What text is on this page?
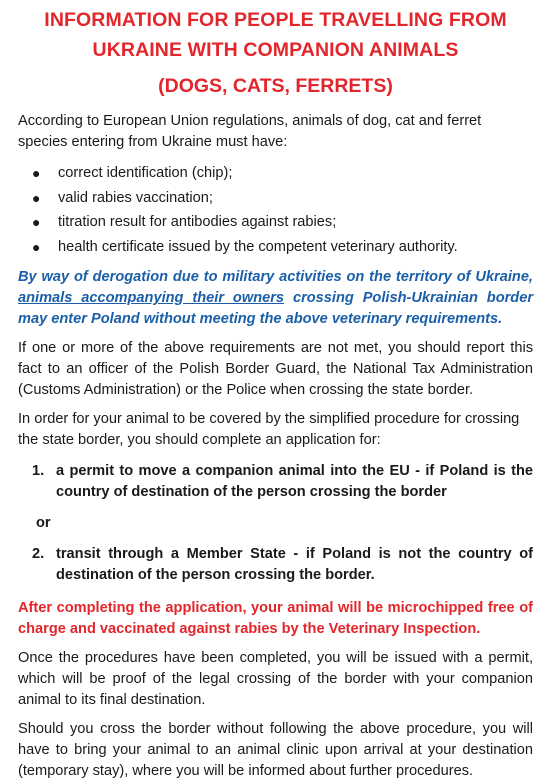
INFORMATION FOR PEOPLE TRAVELLING FROM
UKRAINE WITH COMPANION ANIMALS
(DOGS, CATS, FERRETS)

According to European Union regulations, animals of dog, cat and ferret species entering from Ukraine must have:

● correct identification (chip);
● valid rabies vaccination;
● titration result for antibodies against rabies;
● health certificate issued by the competent veterinary authority.

By way of derogation due to military activities on the territory of Ukraine, animals accompanying their owners crossing Polish-Ukrainian border may enter Poland without meeting the above veterinary requirements.

If one or more of the above requirements are not met, you should report this fact to an officer of the Polish Border Guard, the National Tax Administration (Customs Administration) or the Police when crossing the state border.

In order for your animal to be covered by the simplified procedure for crossing the state border, you should complete an application for:

1. a permit to move a companion animal into the EU - if Poland is the country of destination of the person crossing the border
or
2. transit through a Member State - if Poland is not the country of destination of the person crossing the border.

After completing the application, your animal will be microchipped free of charge and vaccinated against rabies by the Veterinary Inspection.

Once the procedures have been completed, you will be issued with a permit, which will be proof of the legal crossing of the border with your companion animal to its final destination.

Should you cross the border without following the above procedure, you will have to bring your animal to an animal clinic upon arrival at your destination (temporary stay), where you will be informed about further procedures.
